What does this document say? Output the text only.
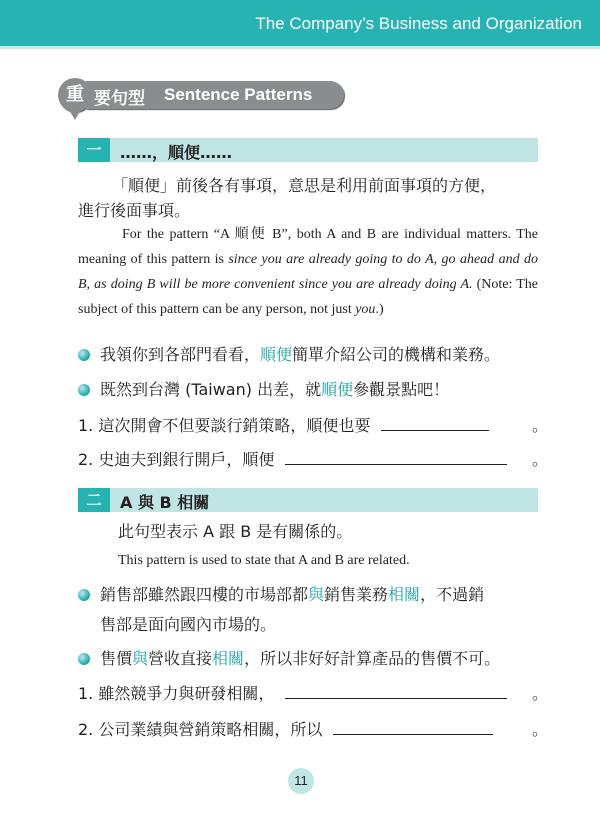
The Company’s Business and Organization
重 要句型 Sentence Patterns
一	……，順便……
「順便」前後各有事項，意思是利用前面事項的方便，
進行後面事項。
For the pattern “A 順便 B”, both A and B are individual matters. The meaning of this pattern is since you are already going to do A, go ahead and do B, as doing B will be more convenient since you are already doing A. (Note: The subject of this pattern can be any person, not just you.)
我領你到各部門看看，順便簡單介紹公司的機構和業務。
既然到台灣 (Taiwan) 出差，就順便參觀景點吧！
1. 這次開會不但要談行銷策略，順便也要	。
2. 史迪夫到銀行開戶，順便	。
二	A 與 B 相關
此句型表示 A 跟 B 是有關係的。
This pattern is used to state that A and B are related.
銷售部雖然跟四樓的市場部都與銷售業務相關，不過銷
售部是面向國內市場的。
售價與營收直接相關，所以非好好計算產品的售價不可。
1. 雖然競爭力與研發相關，	。
2. 公司業績與營銷策略相關，所以	。
11
